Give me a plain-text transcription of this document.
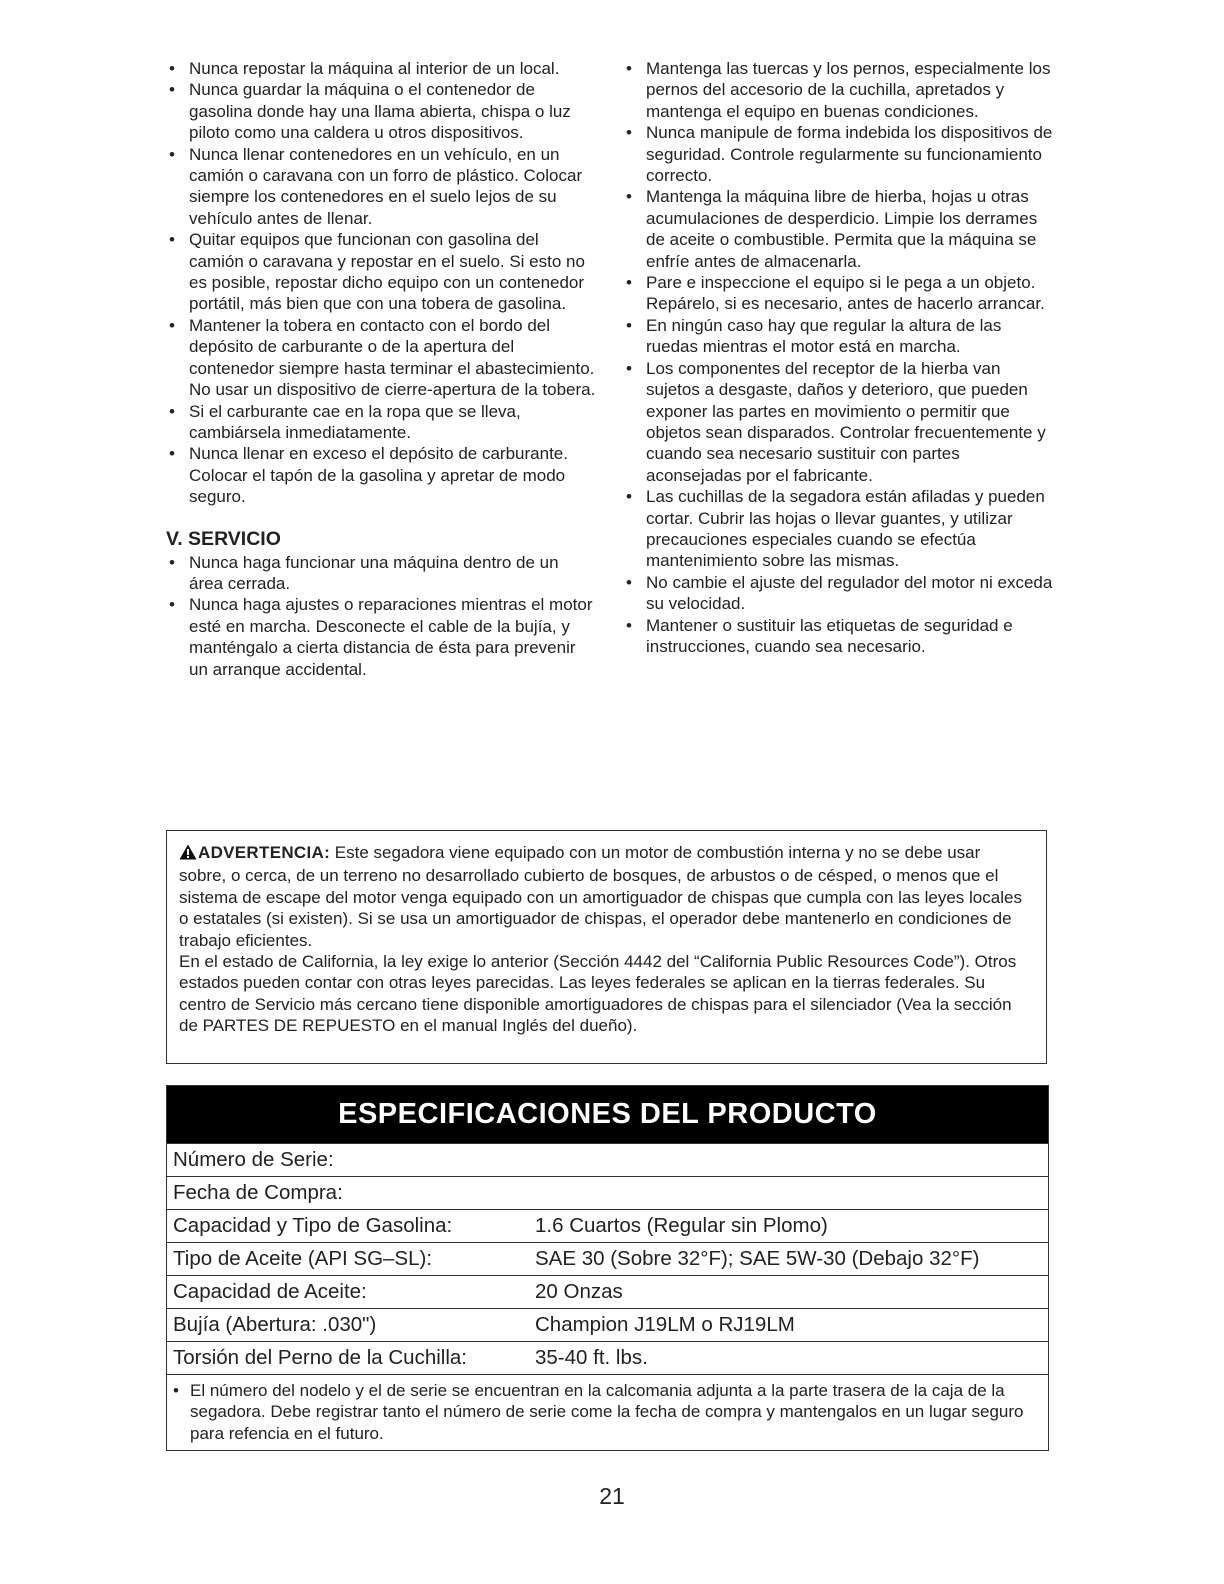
• Nunca repostar la máquina al interior de un local.
• Nunca guardar la máquina o el contenedor de gasolina donde hay una llama abierta, chispa o luz piloto como una caldera u otros dispositivos.
• Nunca llenar contenedores en un vehículo, en un camión o caravana con un forro de plástico. Colocar siempre los contenedores en el suelo lejos de su vehículo antes de llenar.
• Quitar equipos que funcionan con gasolina del camión o caravana y repostar en el suelo. Si esto no es posible, repostar dicho equipo con un contenedor portátil, más bien que con una tobera de gasolina.
• Mantener la tobera en contacto con el bordo del depósito de carburante o de la apertura del contenedor siempre hasta terminar el abastecimiento. No usar un dispositivo de cierre-apertura de la tobera.
• Si el carburante cae en la ropa que se lleva, cambiársela inmediatamente.
• Nunca llenar en exceso el depósito de carburante. Colocar el tapón de la gasolina y apretar de modo seguro.
V. SERVICIO
• Nunca haga funcionar una máquina dentro de un área cerrada.
• Nunca haga ajustes o reparaciones mientras el motor esté en marcha. Desconecte el cable de la bujía, y manténgalo a cierta distancia de ésta para prevenir un arranque accidental.
• Mantenga las tuercas y los pernos, especialmente los pernos del accesorio de la cuchilla, apretados y mantenga el equipo en buenas condiciones.
• Nunca manipule de forma indebida los dispositivos de seguridad. Controle regularmente su funcionamiento correcto.
• Mantenga la máquina libre de hierba, hojas u otras acumulaciones de desperdicio. Limpie los derrames de aceite o combustible. Permita que la máquina se enfríe antes de almacenarla.
• Pare e inspeccione el equipo si le pega a un objeto. Repárelo, si es necesario, antes de hacerlo arrancar.
• En ningún caso hay que regular la altura de las ruedas mientras el motor está en marcha.
• Los componentes del receptor de la hierba van sujetos a desgaste, daños y deterioro, que pueden exponer las partes en movimiento o permitir que objetos sean disparados. Controlar frecuentemente y cuando sea necesario sustituir con partes aconsejadas por el fabricante.
• Las cuchillas de la segadora están afiladas y pueden cortar. Cubrir las hojas o llevar guantes, y utilizar precauciones especiales cuando se efectúa mantenimiento sobre las mismas.
• No cambie el ajuste del regulador del motor ni exceda su velocidad.
• Mantener o sustituir las etiquetas de seguridad e instrucciones, cuando sea necesario.

ADVERTENCIA: Este segadora viene equipado con un motor de combustión interna y no se debe usar sobre, o cerca, de un terreno no desarrollado cubierto de bosques, de arbustos o de césped, o menos que el sistema de escape del motor venga equipado con un amortiguador de chispas que cumpla con las leyes locales o estatales (si existen). Si se usa un amortiguador de chispas, el operador debe mantenerlo en condiciones de trabajo eficientes.

En el estado de California, la ley exige lo anterior (Sección 4442 del “California Public Resources Code”). Otros estados pueden contar con otras leyes parecidas. Las leyes federales se aplican en la tierras federales. Su centro de Servicio más cercano tiene disponible amortiguadores de chispas para el silenciador (Vea la sección de PARTES DE REPUESTO en el manual Inglés del dueño).

ESPECIFICACIONES DEL PRODUCTO
Número de Serie:
Fecha de Compra:
Capacidad y Tipo de Gasolina:	1.6 Cuartos (Regular sin Plomo)
Tipo de Aceite (API SG–SL):	SAE 30 (Sobre 32°F); SAE 5W-30 (Debajo 32°F)
Capacidad de Aceite:	20 Onzas
Bujía (Abertura: .030")	Champion J19LM o RJ19LM
Torsión del Perno de la Cuchilla:	35-40 ft. lbs.
• El número del nodelo y el de serie se encuentran en la calcomania adjunta a la parte trasera de la caja de la segadora. Debe registrar tanto el número de serie come la fecha de compra y mantengalos en un lugar seguro para refencia en el futuro.
21
